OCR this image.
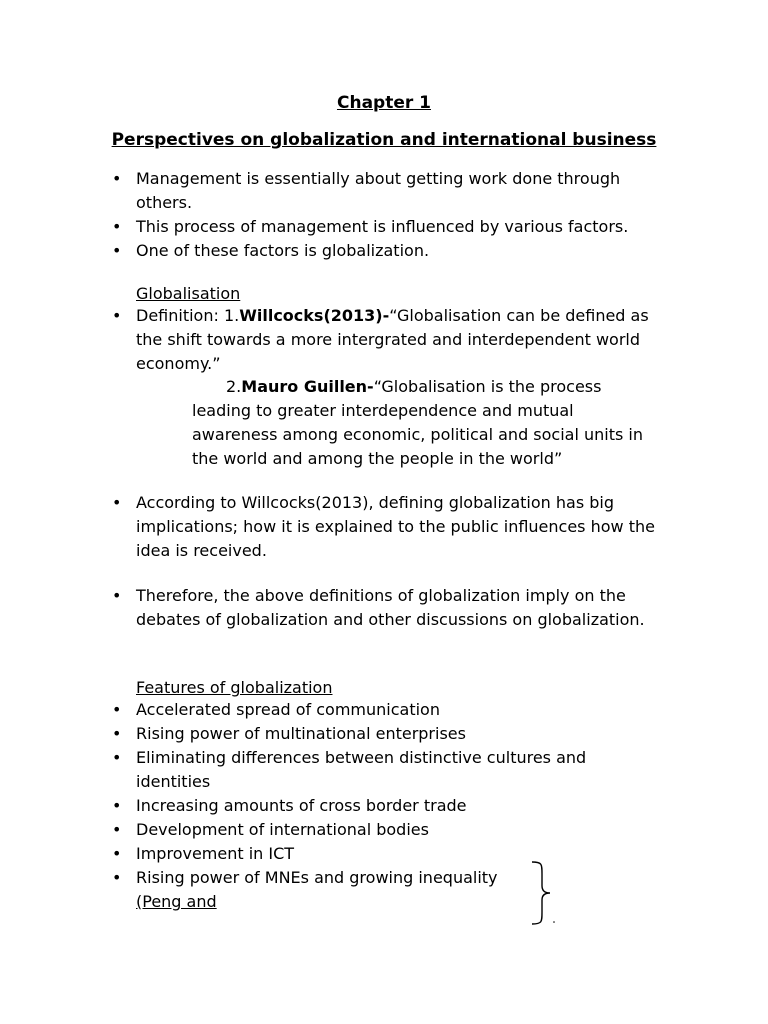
Chapter 1
Perspectives on globalization and international business
• Management is essentially about getting work done through others.
• This process of management is influenced by various factors.
• One of these factors is globalization.

Globalisation

• Definition: 1.Willcocks(2013)-“Globalisation can be defined as the shift towards a more intergrated and interdependent world economy.”

2.Mauro Guillen-“Globalisation is the process leading to greater interdependence and mutual awareness among economic, political and social units in the world and among the people in the world”

• According to Willcocks(2013), defining globalization has big implications; how it is explained to the public influences how the idea is received.
• Therefore, the above definitions of globalization imply on the debates of globalization and other discussions on globalization.

Features of globalization

• Accelerated spread of communication
• Rising power of multinational enterprises
• Eliminating differences between distinctive cultures and identities
• Increasing amounts of cross border trade
• Development of international bodies
• Improvement in ICT
• Rising power of MNEs and growing inequality
(Peng and
